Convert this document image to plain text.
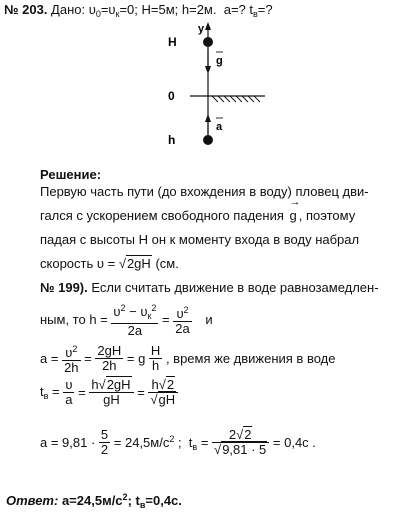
№ 203. Дано: $\upsilon_0=\upsilon_к=0$; H=5м; h=2м.  a=? $t_в=$?
y
H
0
h
g
a
Решение:
Первую часть пути (до вхождения в воду) пловец дви-
гался с ускорением свободного падения
→
g , поэтому
падая с высоты H он к моменту входа в воду набрал
скорость υ = √2gH (см.
№ 199). Если считать движение в воде равнозамедлен-
ным, то $h = \frac{\upsilon^2 - \upsilon_к^2}{2a} = \frac{\upsilon^2}{2a}$ и
$a = \frac{\upsilon^2}{2h} = \frac{2gH}{2h} = g \frac{H}{h}$ , время же движения в воде
$t_в = \frac{\upsilon}{a} = \frac{h√2gH}{gH} = \frac{h√2}{√gH}$
$a = 9,81 \cdot \frac{5}{2} = 24,5м/с^2$ ;  $t_в = \frac{2√2}{√9,81 \cdot 5} = 0,4с$ .
Ответ: $a=24,5м/с^2$; $t_в=0,4с$.
